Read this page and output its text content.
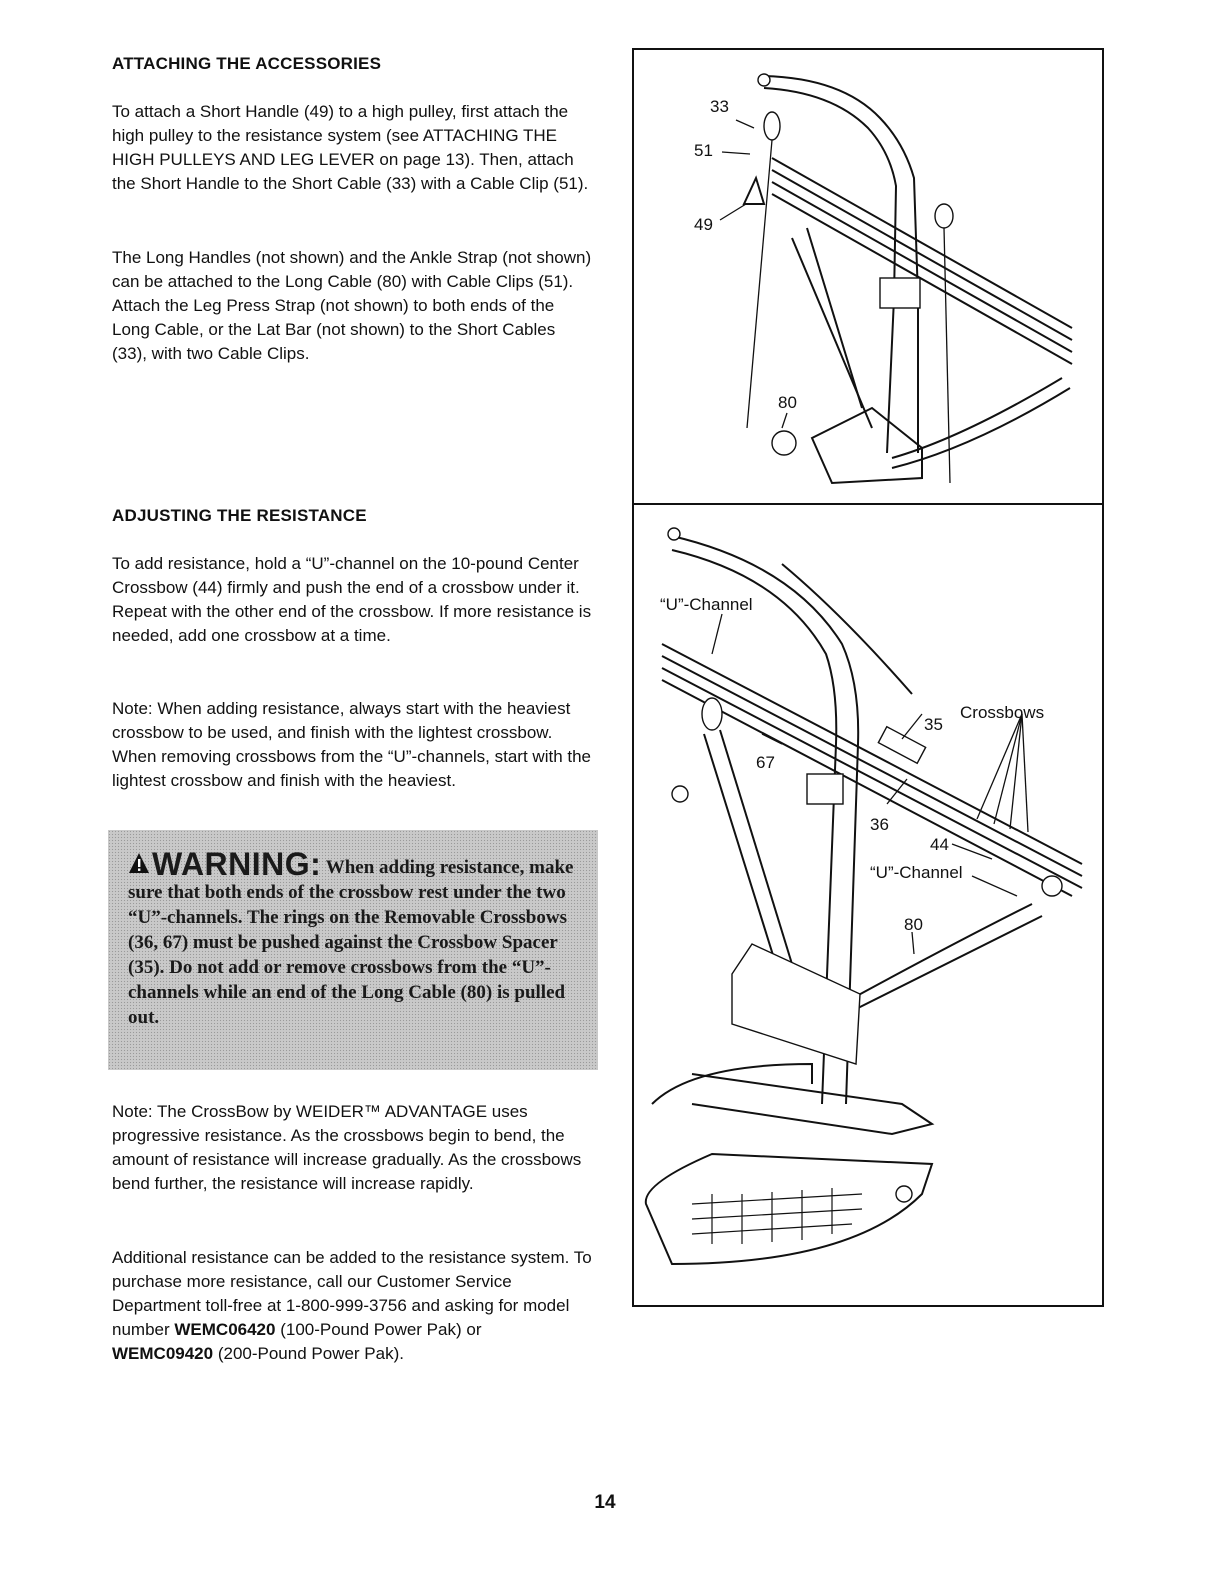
ATTACHING THE ACCESSORIES

To attach a Short Handle (49) to a high pulley, first attach the high pulley to the resistance system (see ATTACHING THE HIGH PULLEYS AND LEG LEVER on page 13). Then, attach the Short Handle to the Short Cable (33) with a Cable Clip (51).

The Long Handles (not shown) and the Ankle Strap (not shown) can be attached to the Long Cable (80) with Cable Clips (51). Attach the Leg Press Strap (not shown) to both ends of the Long Cable, or the Lat Bar (not shown) to the Short Cables (33), with two Cable Clips.

ADJUSTING THE RESISTANCE

To add resistance, hold a “U”-channel on the 10-pound Center Crossbow (44) firmly and push the end of a crossbow under it. Repeat with the other end of the crossbow. If more resistance is needed, add one crossbow at a time.

Note: When adding resistance, always start with the heaviest crossbow to be used, and finish with the lightest crossbow. When removing crossbows from the “U”-channels, start with the lightest crossbow and finish with the heaviest.

WARNING: When adding resistance, make sure that both ends of the crossbow rest under the two “U”-channels. The rings on the Removable Crossbows (36, 67) must be pushed against the Crossbow Spacer (35). Do not add or remove crossbows from the “U”-channels while an end of the Long Cable (80) is pulled out.

Note: The CrossBow by WEIDER™ ADVANTAGE uses progressive resistance. As the crossbows begin to bend, the amount of resistance will increase gradually. As the crossbows bend further, the resistance will increase rapidly.

Additional resistance can be added to the resistance system. To purchase more resistance, call our Customer Service Department toll-free at 1-800-999-3756 and asking for model number WEMC06420 (100-Pound Power Pak) or
WEMC09420 (200-Pound Power Pak).

14
33
51
49
80
“U”-Channel
Crossbows
35
67
36
44
“U”-Channel
80
